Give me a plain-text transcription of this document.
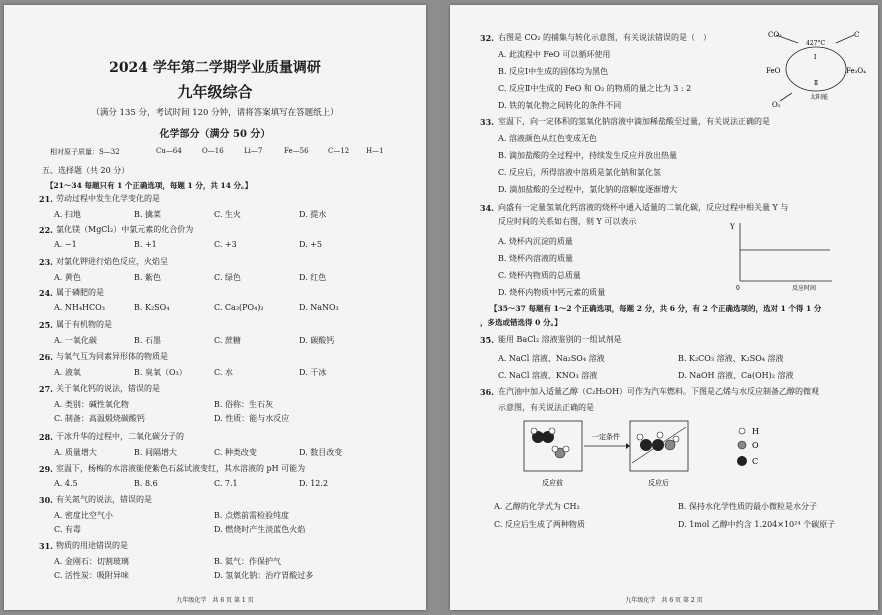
2024 学年第二学期学业质量调研
九年级综合
（满分 135 分，考试时间 120 分钟，请将答案填写在答题纸上）
化学部分（满分 50 分）
相对原子质量：S—32	Cu—64	O—16	Li—7	Fe—56	C—12 H—1
五、选择题（共 20 分）
【21～34 每题只有 1 个正确选项，每题 1 分，共 14 分。】
21. 劳动过程中发生化学变化的是
A. 扫地	B. 擒菜	C. 生火	D. 提水
22. 氯化镁（MgCl₂）中氯元素的化合价为
A. −1	B. +1	C. +3	D. +5
23. 对氯化钾进行焰色反应，火焰呈
A. 黄色	B. 紫色	C. 绿色	D. 红色
24. 属于磷肥的是
A. NH₄HCO₃	B. K₂SO₄	C. Ca₃(PO₄)₂	D. NaNO₃
25. 属于有机物的是
A. 一氧化碳	B. 石墨	C. 蔗糖	D. 碳酸钙
26. 与氧气互为同素异形体的物质是
A. 液氧	B. 臭氧（O₃）	C. 水	D. 干冰
27. 关于氧化钙的说法，错误的是
A. 类别：碱性氧化物	B. 俗称：生石灰
C. 制备：高温煅烧碳酸钙	D. 性质：能与水反应
28. 干冰升华的过程中，二氧化碳分子的
A. 质量增大	B. 间隔增大	C. 种类改变	D. 数目改变
29. 室温下，杨梅的水溶液能使紫色石蕊试液变红，其水溶液的 pH 可能为
A. 4.5	B. 8.6	C. 7.1	D. 12.2
30. 有关氮气的说法，错误的是
A. 密度比空气小	B. 点燃前需检验纯度
C. 有毒	D. 燃烧时产生淡蓝色火焰
31. 物质的用途错误的是
A. 金刚石：切割玻璃	B. 氦气：作保护气
C. 活性炭：吸附异味	D. 氢氧化钠：治疗胃酸过多
九年级化学　共 6 页 第 1 页
32. 右图是 CO₂ 的捕集与转化示意图，有关说法错误的是（　）
A. 此流程中 FeO 可以循环使用
B. 反应Ⅰ中生成的固体均为黑色
C. 反应Ⅱ中生成的 FeO 和 O₂ 的物质的量之比为 3 : 2
D. 铁的氧化物之间转化的条件不同
33. 室温下，向一定体积的氢氧化钠溶液中滴加稀盐酸至过量，有关说法正确的是
A. 溶液颜色从红色变成无色
B. 滴加盐酸的全过程中，持续发生反应并放出热量
C. 反应后，所得溶液中溶质是氯化钠和氯化氢
D. 滴加盐酸的全过程中，氯化钠的溶解度逐渐增大
34. 向盛有一定量氢氧化钙溶液的烧杯中通入适量的二氧化碳，反应过程中相关量 Y 与
反应时间的关系如右图，则 Y 可以表示
A. 烧杯内沉淀的质量
B. 烧杯内溶液的质量
C. 烧杯内物质的总质量
D. 烧杯内物质中钙元素的质量
【35～37 每题有 1～2 个正确选项，每题 2 分，共 6 分，有 2 个正确选项的，选对 1 个得 1 分
，多选或错选得 0 分。】
35. 能用 BaCl₂ 溶液鉴别的一组试剂是
A. NaCl 溶液、Na₂SO₄ 溶液	B. K₂CO₃ 溶液、K₂SO₄ 溶液
C. NaCl 溶液、KNO₃ 溶液	D. NaOH 溶液、Ca(OH)₂ 溶液
36. 在汽油中加入适量乙醇（C₂H₅OH）可作为汽车燃料。下图是乙烯与水反应制备乙醇的微观
示意图，有关说法正确的是
A. 乙醇的化学式为 CH₂	B. 保持水化学性质的最小微粒是水分子
C. 反应后生成了两种物质	D. 1mol 乙醇中约含 1.204×10²⁴ 个碳原子
CO₂	C
427°C
FeO	Fe₃O₄
Ⅰ
Ⅱ
太阳能
O₂
Y
0	反应时间
一定条件
反应前	反应后
H
O
C
九年级化学　共 6 页 第 2 页
